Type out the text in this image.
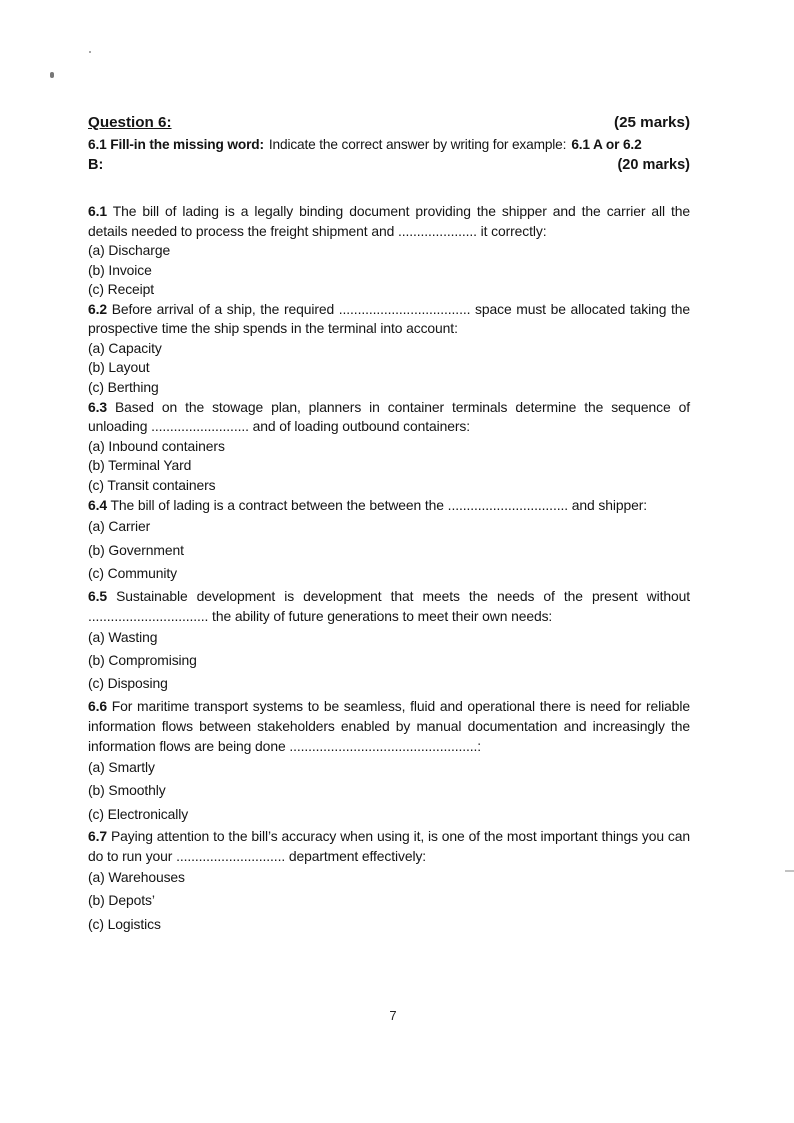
Question 6:	(25 marks)

6.1 Fill-in the missing word: Indicate the correct answer by writing for example: 6.1 A or 6.2

B:	(20 marks)

6.1 The bill of lading is a legally binding document providing the shipper and the carrier all the details needed to process the freight shipment and ..................... it correctly:

(a) Discharge
(b) Invoice
(c) Receipt

6.2 Before arrival of a ship, the required ................................... space must be allocated taking the prospective time the ship spends in the terminal into account:

(a) Capacity
(b) Layout
(c) Berthing

6.3 Based on the stowage plan, planners in container terminals determine the sequence of unloading .......................... and of loading outbound containers:

(a) Inbound containers
(b) Terminal Yard
(c) Transit containers

6.4 The bill of lading is a contract between the between the ................................ and shipper:

(a) Carrier
(b) Government
(c) Community

6.5 Sustainable development is development that meets the needs of the present without ................................ the ability of future generations to meet their own needs:

(a) Wasting
(b) Compromising
(c) Disposing

6.6 For maritime transport systems to be seamless, fluid and operational there is need for reliable information flows between stakeholders enabled by manual documentation and increasingly the information flows are being done ..................................................:

(a) Smartly
(b) Smoothly
(c) Electronically

6.7 Paying attention to the bill’s accuracy when using it, is one of the most important things you can do to run your ............................. department effectively:

(a) Warehouses
(b) Depots’
(c) Logistics
7
